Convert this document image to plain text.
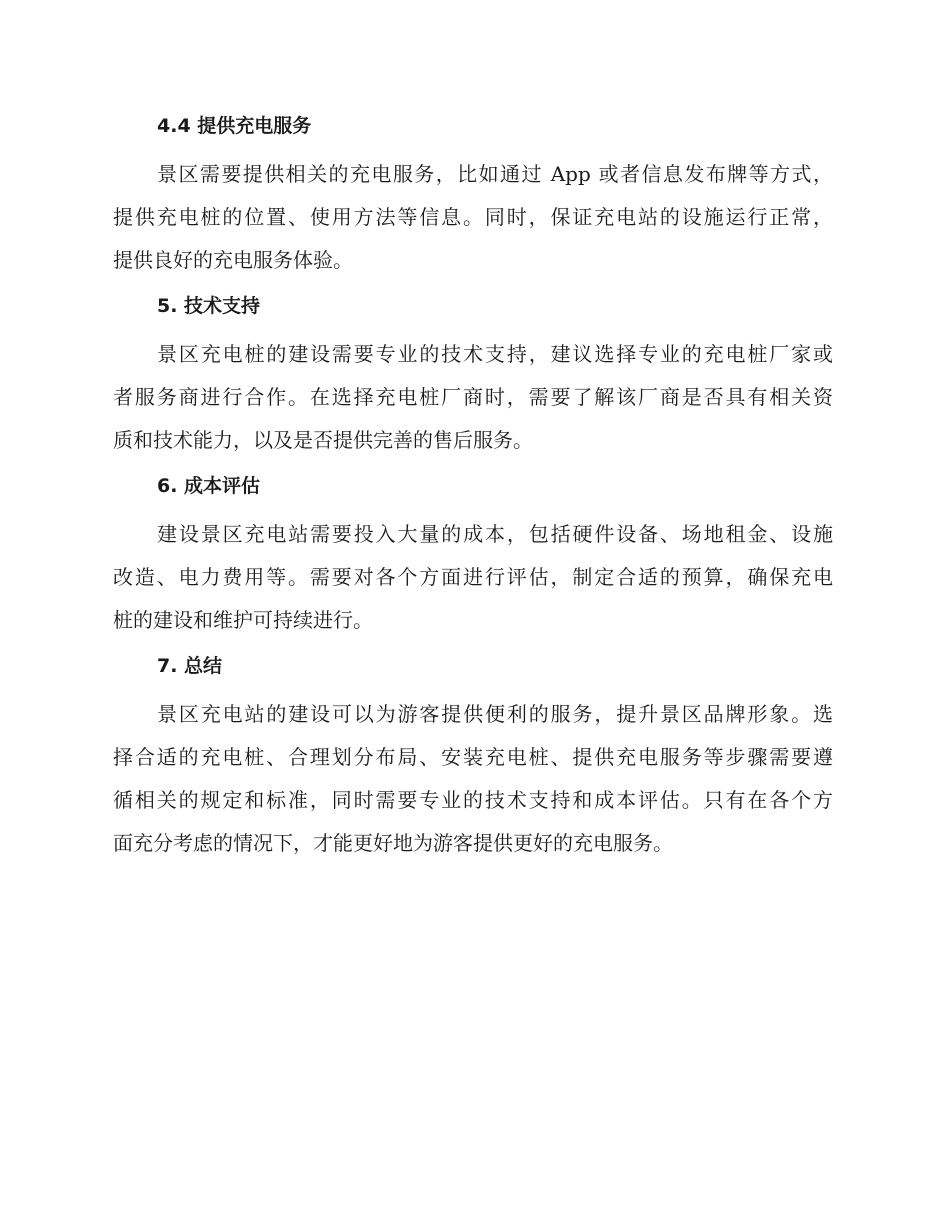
4.4 提供充电服务

景区需要提供相关的充电服务，比如通过 App 或者信息发布牌等方式，
提供充电桩的位置、使用方法等信息。同时，保证充电站的设施运行正常，
提供良好的充电服务体验。

5. 技术支持

景区充电桩的建设需要专业的技术支持，建议选择专业的充电桩厂家或
者服务商进行合作。在选择充电桩厂商时，需要了解该厂商是否具有相关资
质和技术能力，以及是否提供完善的售后服务。

6. 成本评估

建设景区充电站需要投入大量的成本，包括硬件设备、场地租金、设施
改造、电力费用等。需要对各个方面进行评估，制定合适的预算，确保充电
桩的建设和维护可持续进行。

7. 总结

景区充电站的建设可以为游客提供便利的服务，提升景区品牌形象。选
择合适的充电桩、合理划分布局、安装充电桩、提供充电服务等步骤需要遵
循相关的规定和标准，同时需要专业的技术支持和成本评估。只有在各个方
面充分考虑的情况下，才能更好地为游客提供更好的充电服务。
